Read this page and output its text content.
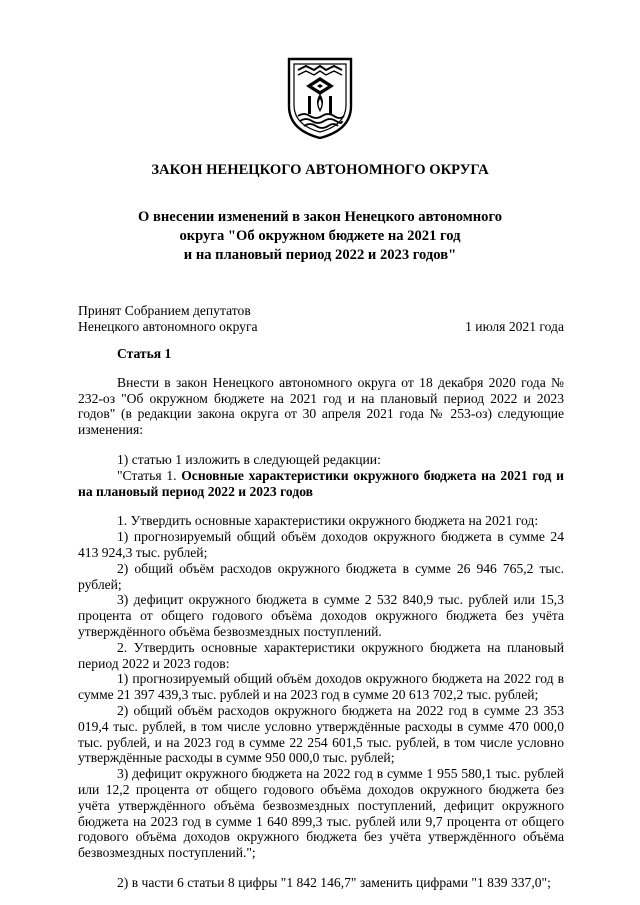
ЗАКОН НЕНЕЦКОГО АВТОНОМНОГО ОКРУГА
О внесении изменений в закон Ненецкого автономного
округа "Об окружном бюджете на 2021 год
и на плановый период 2022 и 2023 годов"
Принят Собранием депутатов
Ненецкого автономного округа	1 июля 2021 года

Статья 1

Внести в закон Ненецкого автономного округа от 18 декабря 2020 года № 232-оз "Об окружном бюджете на 2021 год и на плановый период 2022 и 2023 годов" (в редакции закона округа от 30 апреля 2021 года № 253-оз) следующие изменения:

1) статью 1 изложить в следующей редакции:

"Статья 1. Основные характеристики окружного бюджета на 2021 год и на плановый период 2022 и 2023 годов

1. Утвердить основные характеристики окружного бюджета на 2021 год:

1) прогнозируемый общий объём доходов окружного бюджета в сумме 24 413 924,3 тыс. рублей;

2) общий объём расходов окружного бюджета в сумме 26 946 765,2 тыс. рублей;

3) дефицит окружного бюджета в сумме 2 532 840,9 тыс. рублей или 15,3 процента от общего годового объёма доходов окружного бюджета без учёта утверждённого объёма безвозмездных поступлений.

2. Утвердить основные характеристики окружного бюджета на плановый период 2022 и 2023 годов:

1) прогнозируемый общий объём доходов окружного бюджета на 2022 год в сумме 21 397 439,3 тыс. рублей и на 2023 год в сумме 20 613 702,2 тыс. рублей;

2) общий объём расходов окружного бюджета на 2022 год в сумме 23 353 019,4 тыс. рублей, в том числе условно утверждённые расходы в сумме 470 000,0 тыс. рублей, и на 2023 год в сумме 22 254 601,5 тыс. рублей, в том числе условно утверждённые расходы в сумме 950 000,0 тыс. рублей;

3) дефицит окружного бюджета на 2022 год в сумме 1 955 580,1 тыс. рублей или 12,2 процента от общего годового объёма доходов окружного бюджета без учёта утверждённого объёма безвозмездных поступлений, дефицит окружного бюджета на 2023 год в сумме 1 640 899,3 тыс. рублей или 9,7 процента от общего годового объёма доходов окружного бюджета без учёта утверждённого объёма безвозмездных поступлений.";

2) в части 6 статьи 8 цифры "1 842 146,7" заменить цифрами "1 839 337,0";
